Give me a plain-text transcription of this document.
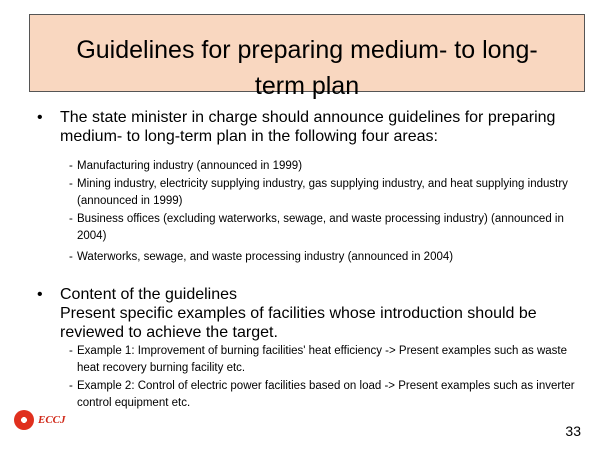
Guidelines for preparing medium- to long-term plan
•	The state minister in charge should announce guidelines for preparing medium- to long-term plan in the following four areas:
- Manufacturing industry (announced in 1999)
- Mining industry, electricity supplying industry, gas supplying industry, and heat supplying industry (announced in 1999)
- Business offices (excluding waterworks, sewage, and waste processing industry) (announced in 2004)
- Waterworks, sewage, and waste processing industry (announced in 2004)
•	Content of the guidelines
Present specific examples of facilities whose introduction should be reviewed to achieve the target.
- Example 1: Improvement of burning facilities' heat efficiency -> Present examples such as waste heat recovery burning facility etc.
- Example 2: Control of electric power facilities based on load -> Present examples such as inverter control equipment etc.
ECCJ
33
